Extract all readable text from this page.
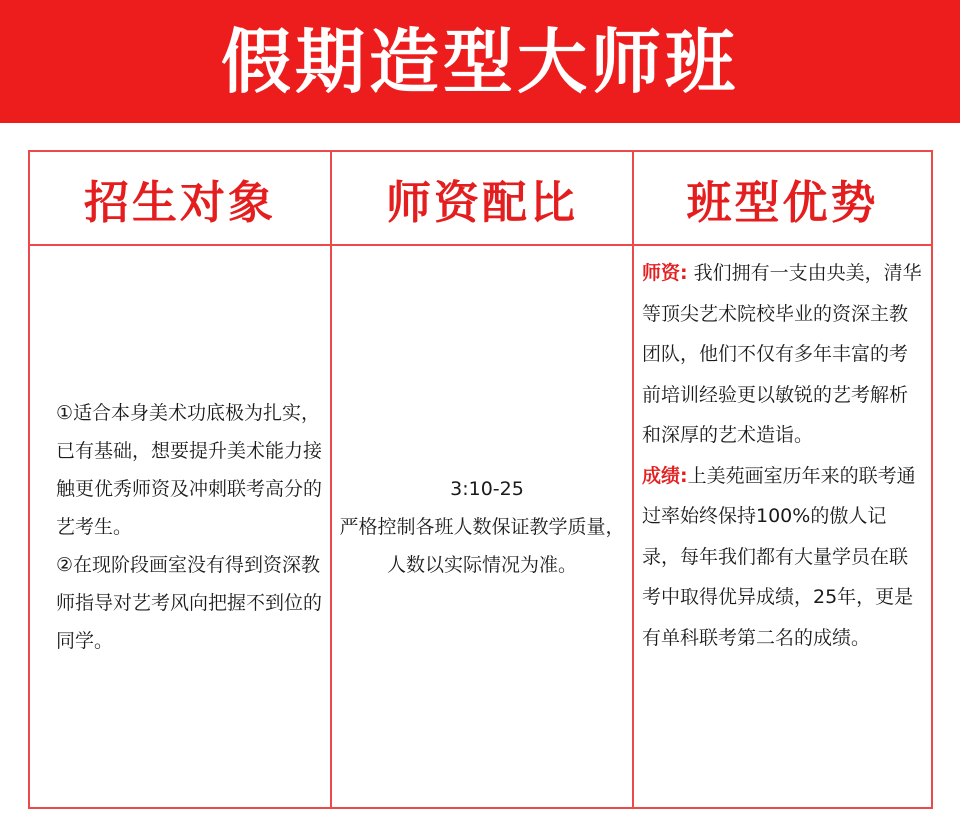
假期造型大师班
招生对象	师资配比	班型优势

①适合本身美术功底极为扎实，已有基础，想要提升美术能力接触更优秀师资及冲刺联考高分的艺考生。

②在现阶段画室没有得到资深教师指导对艺考风向把握不到位的同学。

3:10-25

严格控制各班人数保证教学质量，人数以实际情况为准。

师资: 我们拥有一支由央美，清华等顶尖艺术院校毕业的资深主教团队，他们不仅有多年丰富的考前培训经验更以敏锐的艺考解析和深厚的艺术造诣。

成绩:上美苑画室历年来的联考通过率始终保持100%的傲人记录，每年我们都有大量学员在联考中取得优异成绩，25年，更是有单科联考第二名的成绩。
